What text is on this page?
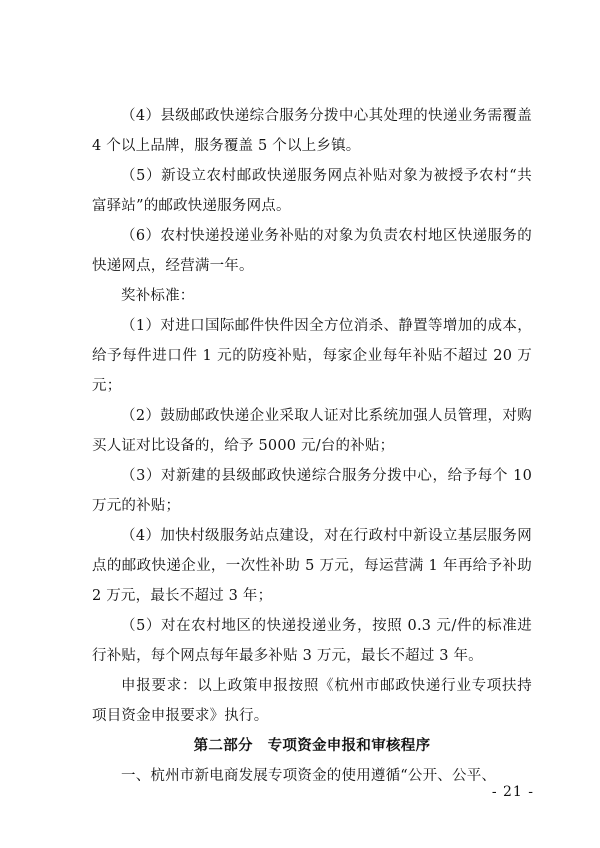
（4）县级邮政快递综合服务分拨中心其处理的快递业务需覆盖 4 个以上品牌，服务覆盖 5 个以上乡镇。

（5）新设立农村邮政快递服务网点补贴对象为被授予农村“共富驿站”的邮政快递服务网点。

（6）农村快递投递业务补贴的对象为负责农村地区快递服务的快递网点，经营满一年。

奖补标准：

（1）对进口国际邮件快件因全方位消杀、静置等增加的成本，给予每件进口件 1 元的防疫补贴，每家企业每年补贴不超过 20 万元；

（2）鼓励邮政快递企业采取人证对比系统加强人员管理，对购买人证对比设备的，给予 5000 元/台的补贴；

（3）对新建的县级邮政快递综合服务分拨中心，给予每个 10 万元的补贴；

（4）加快村级服务站点建设，对在行政村中新设立基层服务网点的邮政快递企业，一次性补助 5 万元，每运营满 1 年再给予补助 2 万元，最长不超过 3 年；

（5）对在农村地区的快递投递业务，按照 0.3 元/件的标准进行补贴，每个网点每年最多补贴 3 万元，最长不超过 3 年。

申报要求：以上政策申报按照《杭州市邮政快递行业专项扶持项目资金申报要求》执行。

第二部分　专项资金申报和审核程序

一、杭州市新电商发展专项资金的使用遵循“公开、公平、

- 21 -
